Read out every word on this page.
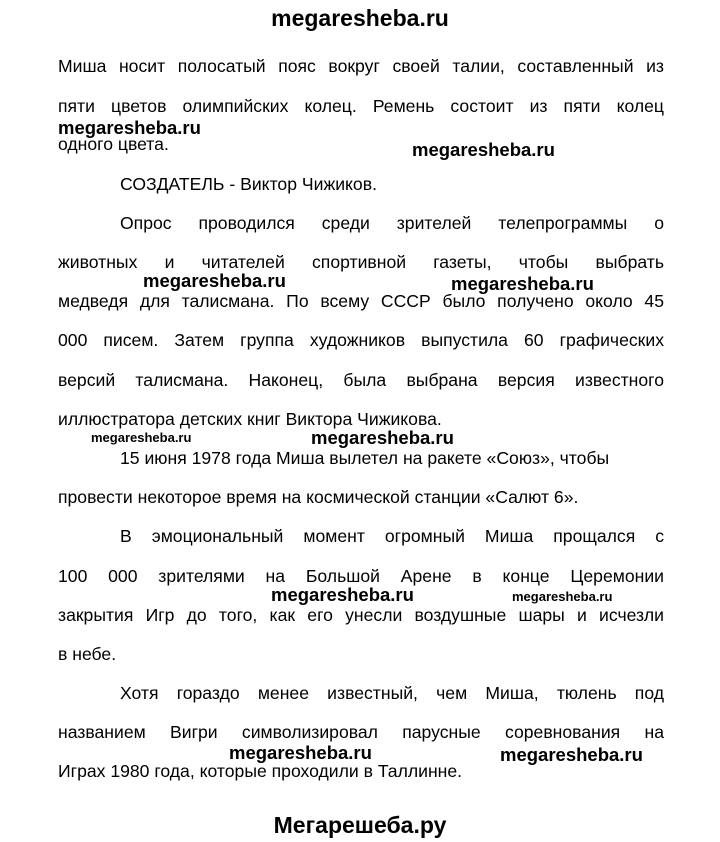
megaresheba.ru
Миша носит полосатый пояс вокруг своей талии, составленный из
пяти цветов олимпийских колец. Ремень состоит из пяти колец
одного цвета.
СОЗДАТЕЛЬ - Виктор Чижиков.
Опрос проводился среди зрителей телепрограммы о
животных и читателей спортивной газеты, чтобы выбрать
медведя для талисмана. По всему СССР было получено около 45
000 писем. Затем группа художников выпустила 60 графических
версий талисмана. Наконец, была выбрана версия известного
иллюстратора детских книг Виктора Чижикова.
15 июня 1978 года Миша вылетел на ракете «Союз», чтобы
провести некоторое время на космической станции «Салют 6».
В эмоциональный момент огромный Миша прощался с
100 000 зрителями на Большой Арене в конце Церемонии
закрытия Игр до того, как его унесли воздушные шары и исчезли
в небе.
Хотя гораздо менее известный, чем Миша, тюлень под
названием Вигри символизировал парусные соревнования на
Играх 1980 года, которые проходили в Таллинне.
megaresheba.ru
megaresheba.ru
megaresheba.ru	megaresheba.ru
megaresheba.ru	megaresheba.ru
megaresheba.ru	megaresheba.ru
megaresheba.ru	megaresheba.ru
Мегарешеба.ру
